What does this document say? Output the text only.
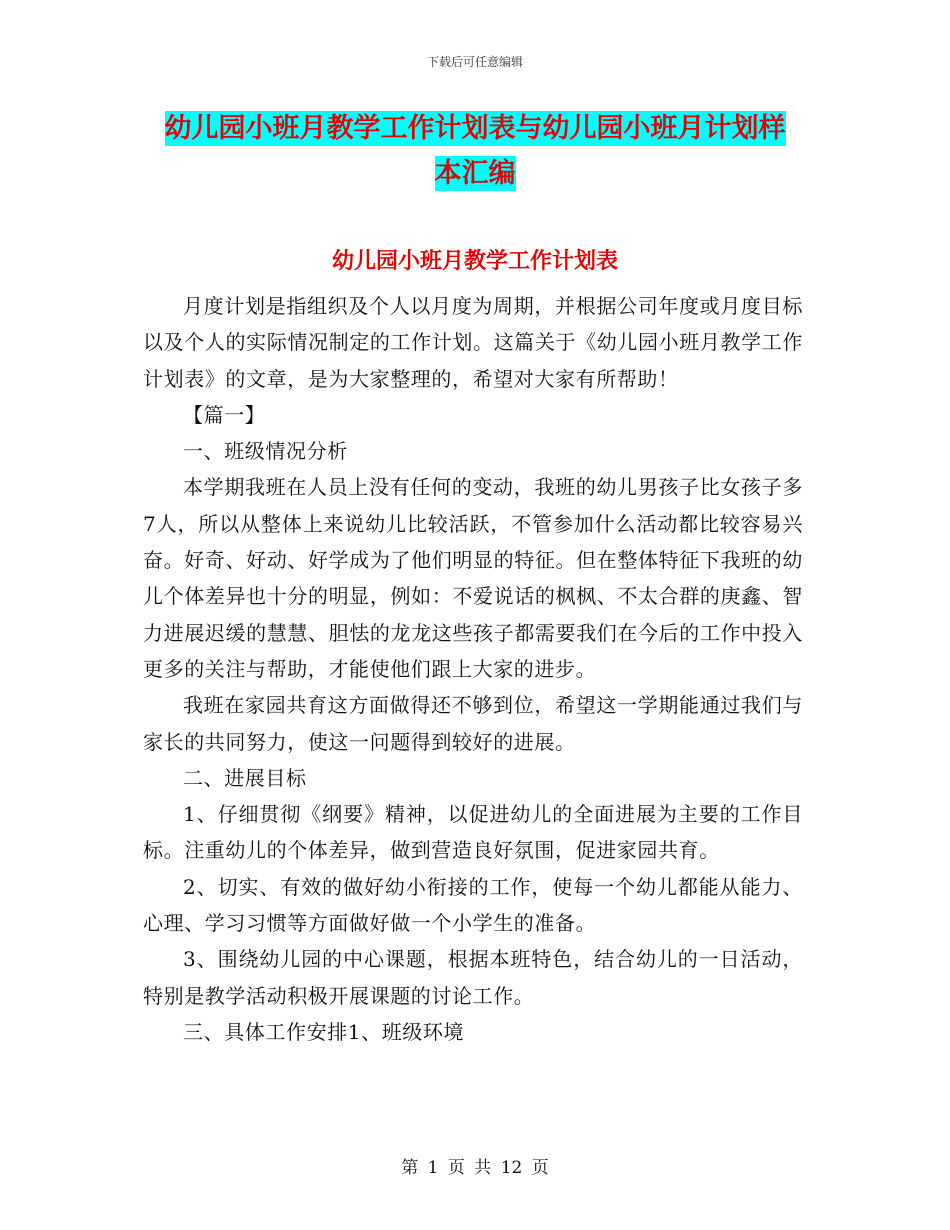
下载后可任意编辑
幼儿园小班月教学工作计划表与幼儿园小班月计划样
本汇编
幼儿园小班月教学工作计划表

月度计划是指组织及个人以月度为周期，并根据公司年度或月度目标以及个人的实际情况制定的工作计划。这篇关于《幼儿园小班月教学工作计划表》的文章，是为大家整理的，希望对大家有所帮助！

【篇一】

一、班级情况分析

本学期我班在人员上没有任何的变动，我班的幼儿男孩子比女孩子多7人，所以从整体上来说幼儿比较活跃，不管参加什么活动都比较容易兴奋。好奇、好动、好学成为了他们明显的特征。但在整体特征下我班的幼儿个体差异也十分的明显，例如：不爱说话的枫枫、不太合群的庚鑫、智力进展迟缓的慧慧、胆怯的龙龙这些孩子都需要我们在今后的工作中投入更多的关注与帮助，才能使他们跟上大家的进步。

我班在家园共育这方面做得还不够到位，希望这一学期能通过我们与家长的共同努力，使这一问题得到较好的进展。

二、进展目标

1、仔细贯彻《纲要》精神，以促进幼儿的全面进展为主要的工作目标。注重幼儿的个体差异，做到营造良好氛围，促进家园共育。

2、切实、有效的做好幼小衔接的工作，使每一个幼儿都能从能力、心理、学习习惯等方面做好做一个小学生的准备。

3、围绕幼儿园的中心课题，根据本班特色，结合幼儿的一日活动，特别是教学活动积极开展课题的讨论工作。

三、具体工作安排1、班级环境

第 1 页 共 12 页
